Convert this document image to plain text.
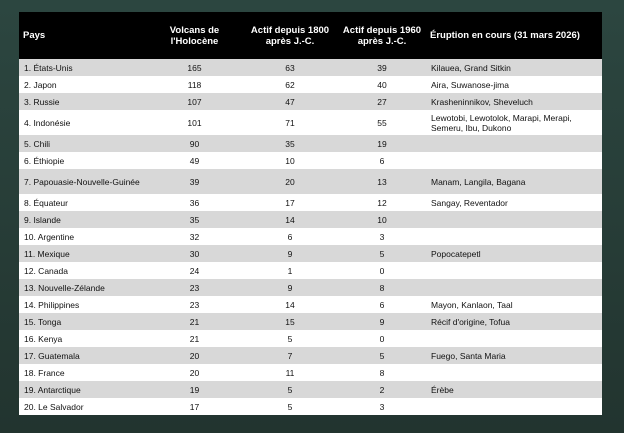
Pays	Volcans de l'Holocène	Actif depuis 1800 après J.-C.	Actif depuis 1960 après J.-C.	Éruption en cours (31 mars 2026)
1. États-Unis	165	63	39	Kilauea, Grand Sitkin
2. Japon	118	62	40	Aira, Suwanose-jima
3. Russie	107	47	27	Krasheninnikov, Sheveluch
4. Indonésie	101	71	55	Lewotobi, Lewotolok, Marapi, Merapi, Semeru, Ibu, Dukono
5. Chili	90	35	19	
6. Éthiopie	49	10	6	
7. Papouasie-Nouvelle-Guinée	39	20	13	Manam, Langila, Bagana
8. Équateur	36	17	12	Sangay, Reventador
9. Islande	35	14	10	
10. Argentine	32	6	3	
11. Mexique	30	9	5	Popocatepetl
12. Canada	24	1	0	
13. Nouvelle-Zélande	23	9	8	
14. Philippines	23	14	6	Mayon, Kanlaon, Taal
15. Tonga	21	15	9	Récif d'origine, Tofua
16. Kenya	21	5	0	
17. Guatemala	20	7	5	Fuego, Santa Maria
18. France	20	11	8	
19. Antarctique	19	5	2	Érèbe
20. Le Salvador	17	5	3	
